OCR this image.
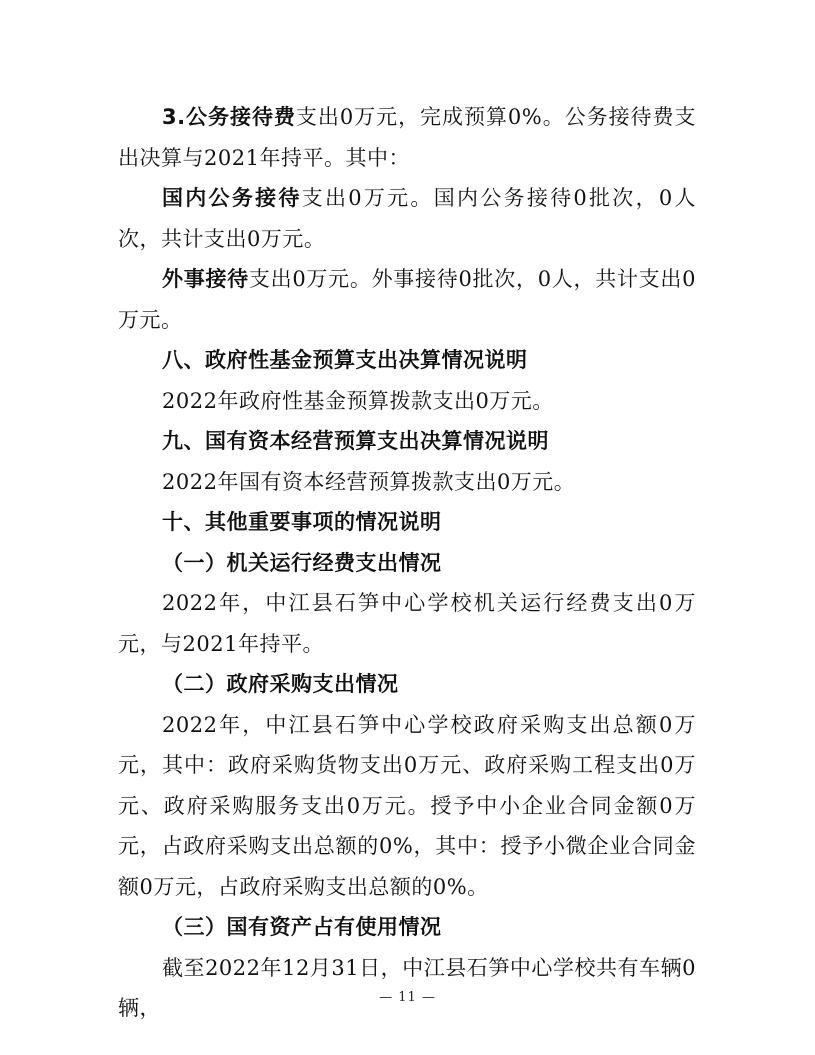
3.公务接待费支出0万元，完成预算0%。公务接待费支出决算与2021年持平。其中：

国内公务接待支出0万元。国内公务接待0批次，0人次，共计支出0万元。

外事接待支出0万元。外事接待0批次，0人，共计支出0万元。

八、政府性基金预算支出决算情况说明

2022年政府性基金预算拨款支出0万元。

九、国有资本经营预算支出决算情况说明

2022年国有资本经营预算拨款支出0万元。

十、其他重要事项的情况说明

（一）机关运行经费支出情况

2022年，中江县石笋中心学校机关运行经费支出0万元，与2021年持平。

（二）政府采购支出情况

2022年，中江县石笋中心学校政府采购支出总额0万元，其中：政府采购货物支出0万元、政府采购工程支出0万元、政府采购服务支出0万元。授予中小企业合同金额0万元，占政府采购支出总额的0%，其中：授予小微企业合同金额0万元，占政府采购支出总额的0%。

（三）国有资产占有使用情况

截至2022年12月31日，中江县石笋中心学校共有车辆0辆，	— 11 —
